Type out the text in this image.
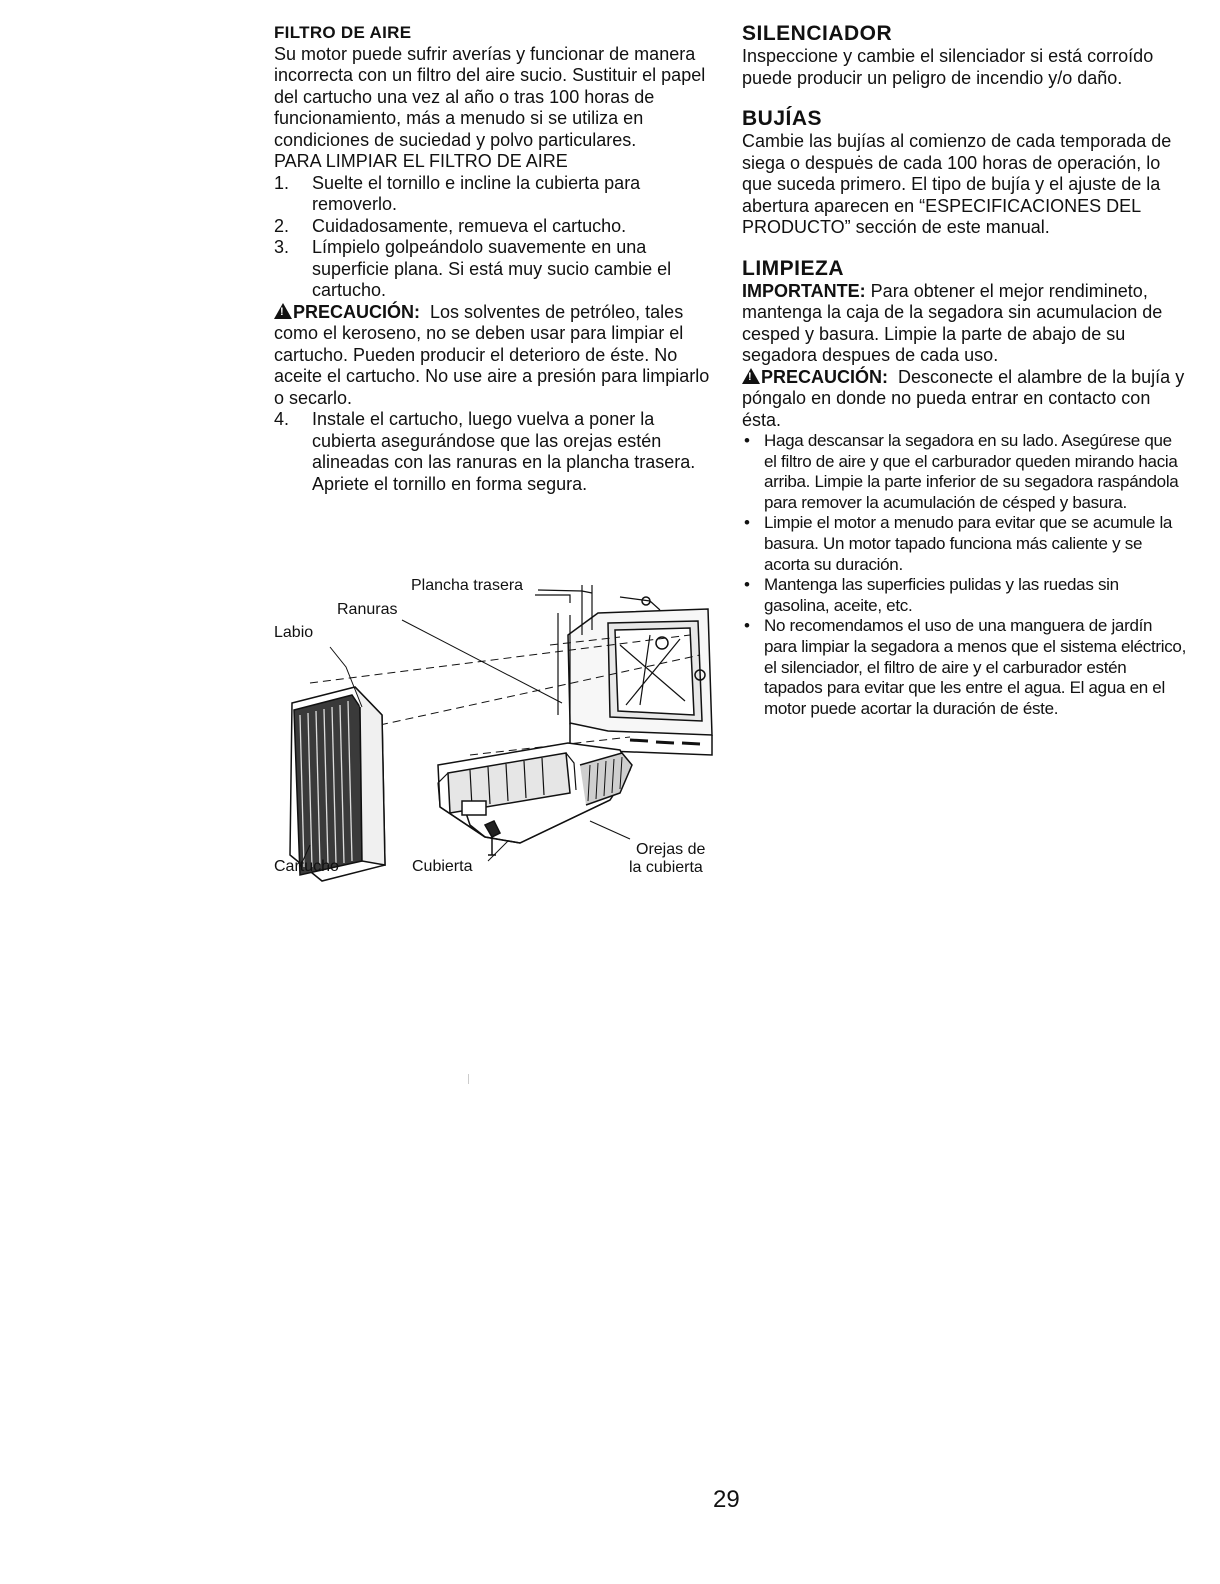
FILTRO DE AIRE

Su motor puede sufrir averías y funcionar de manera incorrecta con un filtro del aire sucio. Sustituir el papel del cartucho una vez al año o tras 100 horas de funcionamiento, más a menudo si se utiliza en condiciones de suciedad y polvo particulares.

PARA LIMPIAR EL FILTRO DE AIRE

1. Suelte el tornillo e incline la cubierta para removerlo.
2. Cuidadosamente, remueva el cartucho.
3. Límpielo golpeándolo suavemente en una superficie plana. Si está muy sucio cambie el cartucho.

!PRECAUCIÓN: Los solventes de petróleo, tales como el keroseno, no se deben usar para limpiar el cartucho. Pueden producir el deterioro de éste. No aceite el cartucho. No use aire a presión para limpiarlo o secarlo.

4. Instale el cartucho, luego vuelva a poner la cubierta asegurándose que las orejas estén alineadas con las ranuras en la plancha trasera. Apriete el tornillo en forma segura.
Plancha trasera
Ranuras
Labio
Cartucho	Cubierta
Orejas de
la cubierta
SILENCIADOR

Inspeccione y cambie el silenciador si está corroído puede producir un peligro de incendio y/o daño.

BUJÍAS

Cambie las bujías al comienzo de cada temporada de siega o despuės de cada 100 horas de operación, lo que suceda primero. El tipo de bujía y el ajuste de la abertura aparecen en “ESPECIFICACIONES DEL PRODUCTO” sección de este manual.

LIMPIEZA

IMPORTANTE: Para obtener el mejor rendimineto, mantenga la caja de la segadora sin acumulacion de cesped y basura. Limpie la parte de abajo de su segadora despues de cada uso.

!PRECAUCIÓN: Desconecte el alambre de la bujía y póngalo en donde no pueda entrar en contacto con ésta.

• Haga descansar la segadora en su lado. Asegúrese que el filtro de aire y que el carburador queden mirando hacia arriba. Limpie la parte inferior de su segadora raspándola para remover la acumulación de césped y basura.
• Limpie el motor a menudo para evitar que se acumule la basura. Un motor tapado funciona más caliente y se acorta su duración.
• Mantenga las superficies pulidas y las ruedas sin gasolina, aceite, etc.
• No recomendamos el uso de una manguera de jardín para limpiar la segadora a menos que el sistema eléctrico, el silenciador, el filtro de aire y el carburador estén tapados para evitar que les entre el agua. El agua en el motor puede acortar la duración de éste.
29
